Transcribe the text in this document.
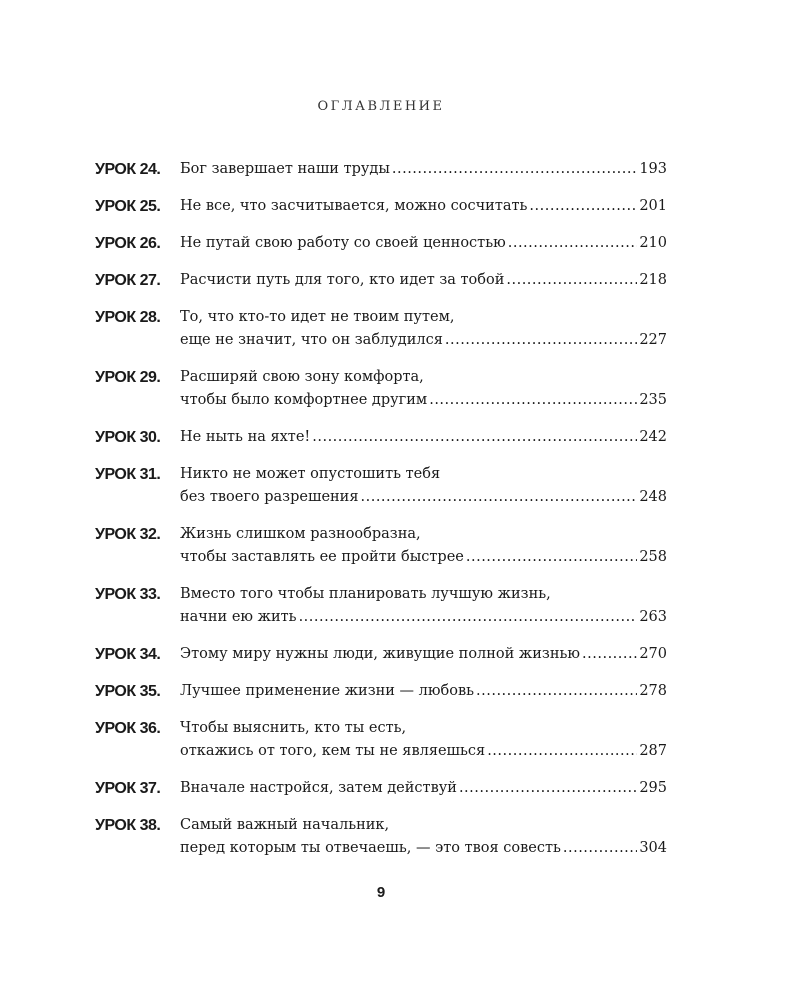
ОГЛАВЛЕНИЕ
УРОК 24.	Бог завершает наши труды .....	193
УРОК 25.	Не все, что засчитывается, можно сосчитать .....	201
УРОК 26.	Не путай свою работу со своей ценностью .....	210
УРОК 27.	Расчисти путь для того, кто идет за тобой .....	218
УРОК 28.	То, что кто-то идет не твоим путем,
еще не значит, что он заблудился .....	227
УРОК 29.	Расширяй свою зону комфорта,
чтобы было комфортнее другим .....	235
УРОК 30.	Не ныть на яхте! .....	242
УРОК 31.	Никто не может опустошить тебя
без твоего разрешения .....	248
УРОК 32.	Жизнь слишком разнообразна,
чтобы заставлять ее пройти быстрее .....	258
УРОК 33.	Вместо того чтобы планировать лучшую жизнь,
начни ею жить .....	263
УРОК 34.	Этому миру нужны люди, живущие полной жизнью .....	270
УРОК 35.	Лучшее применение жизни — любовь .....	278
УРОК 36.	Чтобы выяснить, кто ты есть,
откажись от того, кем ты не являешься .....	287
УРОК 37.	Вначале настройся, затем действуй .....	295
УРОК 38.	Самый важный начальник,
перед которым ты отвечаешь, — это твоя совесть .....	304
9
